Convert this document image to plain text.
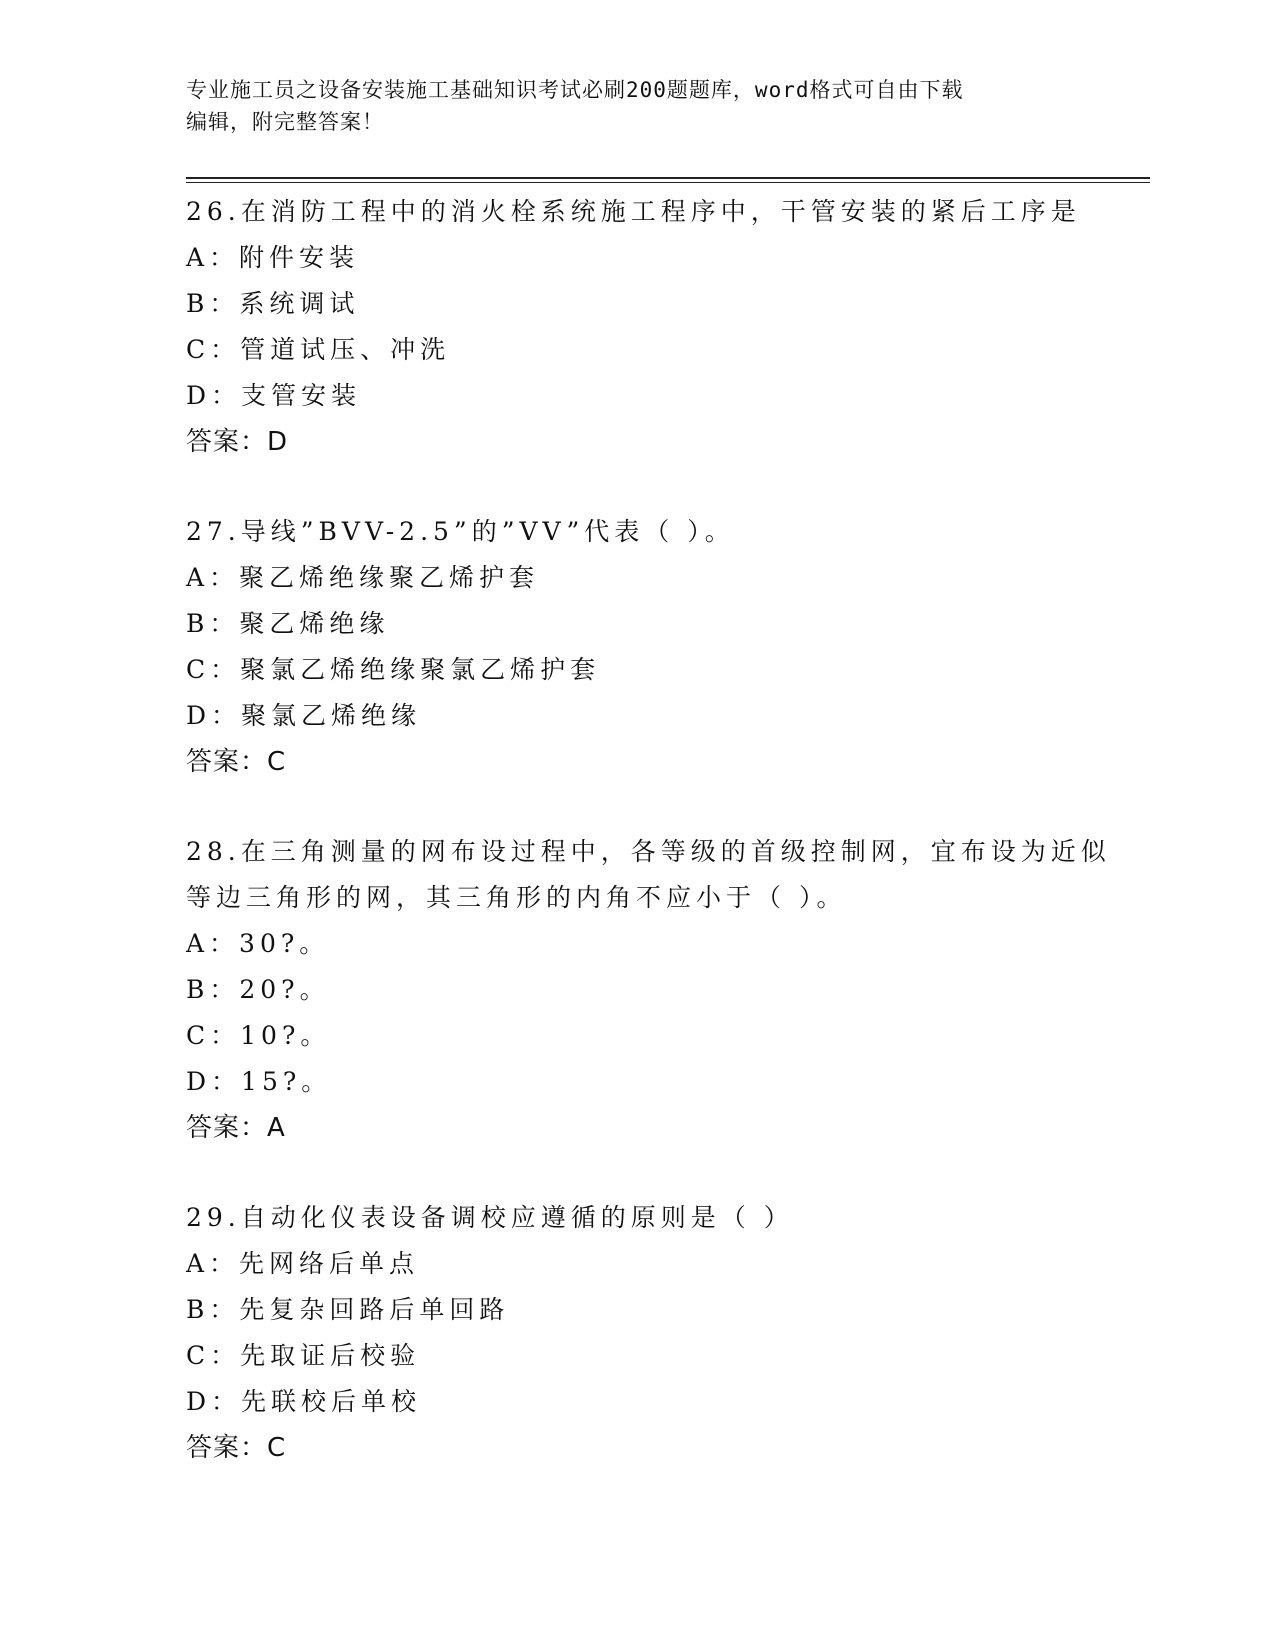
专业施工员之设备安装施工基础知识考试必刷200题题库，word格式可自由下载
编辑，附完整答案！
26.在消防工程中的消火栓系统施工程序中，干管安装的紧后工序是
A：附件安装
B：系统调试
C：管道试压、冲洗
D：支管安装
答案：D
27.导线”BVV-2.5”的”VV”代表（ ）。
A：聚乙烯绝缘聚乙烯护套
B：聚乙烯绝缘
C：聚氯乙烯绝缘聚氯乙烯护套
D：聚氯乙烯绝缘
答案：C
28.在三角测量的网布设过程中，各等级的首级控制网，宜布设为近似
等边三角形的网，其三角形的内角不应小于（ ）。
A：30?。
B：20?。
C：10?。
D：15?。
答案：A
29.自动化仪表设备调校应遵循的原则是（ ）
A：先网络后单点
B：先复杂回路后单回路
C：先取证后校验
D：先联校后单校
答案：C
